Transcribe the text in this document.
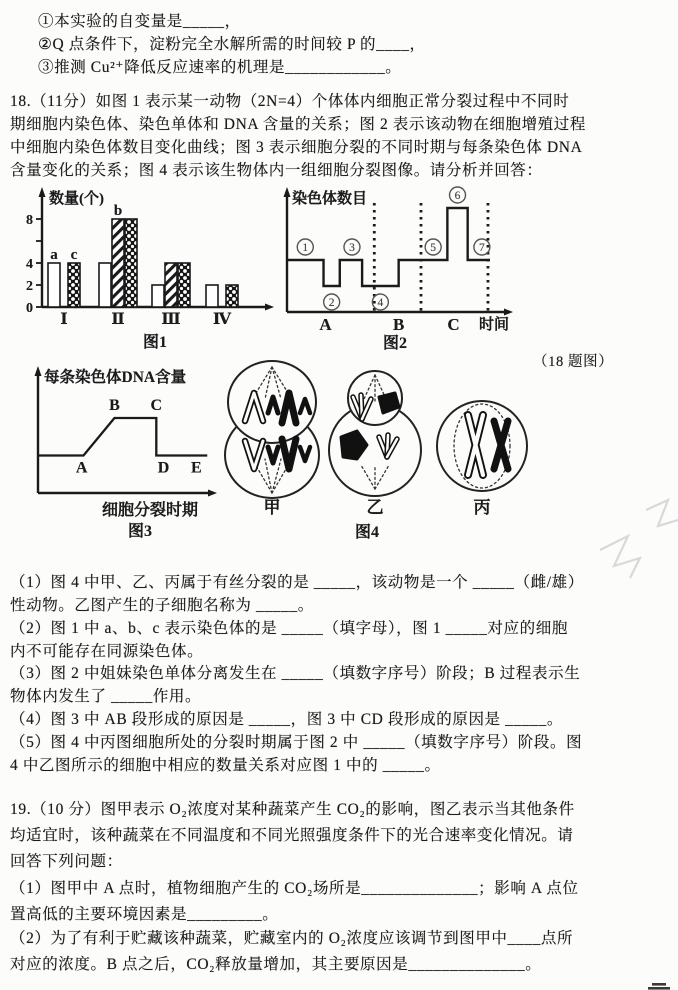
①本实验的自变量是_____，
②Q 点条件下，淀粉完全水解所需的时间较 P 的____，
③推测 Cu²⁺降低反应速率的机理是____________。
18.（11分）如图 1 表示某一动物（2N=4）个体体内细胞正常分裂过程中不同时
期细胞内染色体、染色单体和 DNA 含量的关系；图 2 表示该动物在细胞增殖过程
中细胞内染色体数目变化曲线；图 3 表示细胞分裂的不同时期与每条染色体 DNA
含量变化的关系；图 4 表示该生物体内一组细胞分裂图像。请分析并回答：
数量(个)
0
2
4
8
Ⅰ	Ⅱ Ⅲ Ⅳ
a c
b
图1
染色体数目
1
2
3
4
5
6
7
A	B	C 时间
图2
（18 题图）
每条染色体DNA含量
A
B C
D E
细胞分裂时期
图3
甲	乙	丙
图4
（1）图 4 中甲、乙、丙属于有丝分裂的是 _____，该动物是一个 _____（雌/雄）
性动物。乙图产生的子细胞名称为 _____。
（2）图 1 中 a、b、c 表示染色体的是 _____（填字母），图 1 _____对应的细胞
内不可能存在同源染色体。
（3）图 2 中姐妹染色单体分离发生在 _____（填数字序号）阶段；B 过程表示生
物体内发生了 _____作用。
（4）图 3 中 AB 段形成的原因是 _____，图 3 中 CD 段形成的原因是 _____。
（5）图 4 中丙图细胞所处的分裂时期属于图 2 中 _____（填数字序号）阶段。图
4 中乙图所示的细胞中相应的数量关系对应图 1 中的 _____。
19.（10 分）图甲表示 O₂浓度对某种蔬菜产生 CO₂的影响，图乙表示当其他条件
均适宜时，该种蔬菜在不同温度和不同光照强度条件下的光合速率变化情况。请
回答下列问题：
（1）图甲中 A 点时，植物细胞产生的 CO₂场所是______________；影响 A 点位
置高低的主要环境因素是_________。
（2）为了有利于贮藏该种蔬菜，贮藏室内的 O₂浓度应该调节到图甲中____点所
对应的浓度。B 点之后，CO₂释放量增加，其主要原因是______________。
